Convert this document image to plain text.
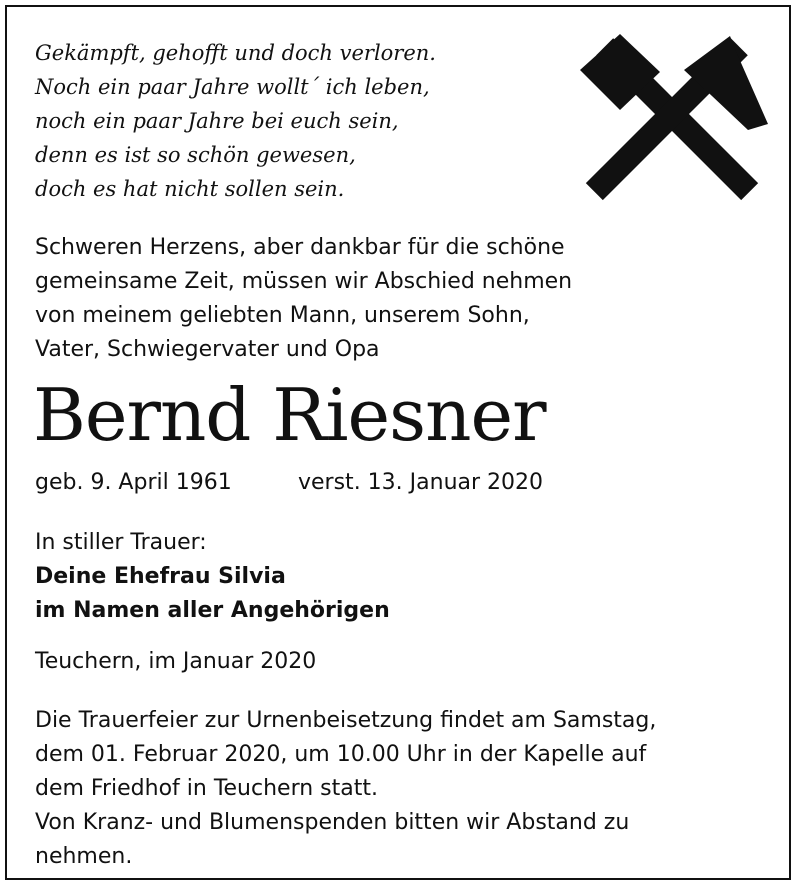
Gekämpft, gehofft und doch verloren.
Noch ein paar Jahre wollt´ ich leben,
noch ein paar Jahre bei euch sein,
denn es ist so schön gewesen,
doch es hat nicht sollen sein.
Schweren Herzens, aber dankbar für die schöne
gemeinsame Zeit, müssen wir Abschied nehmen
von meinem geliebten Mann, unserem Sohn,
Vater, Schwiegervater und Opa
Bernd Riesner
geb. 9. April 1961	verst. 13. Januar 2020
In stiller Trauer:
Deine Ehefrau Silvia
im Namen aller Angehörigen
Teuchern, im Januar 2020
Die Trauerfeier zur Urnenbeisetzung findet am Samstag,
dem 01. Februar 2020, um 10.00 Uhr in der Kapelle auf
dem Friedhof in Teuchern statt.
Von Kranz- und Blumenspenden bitten wir Abstand zu
nehmen.
